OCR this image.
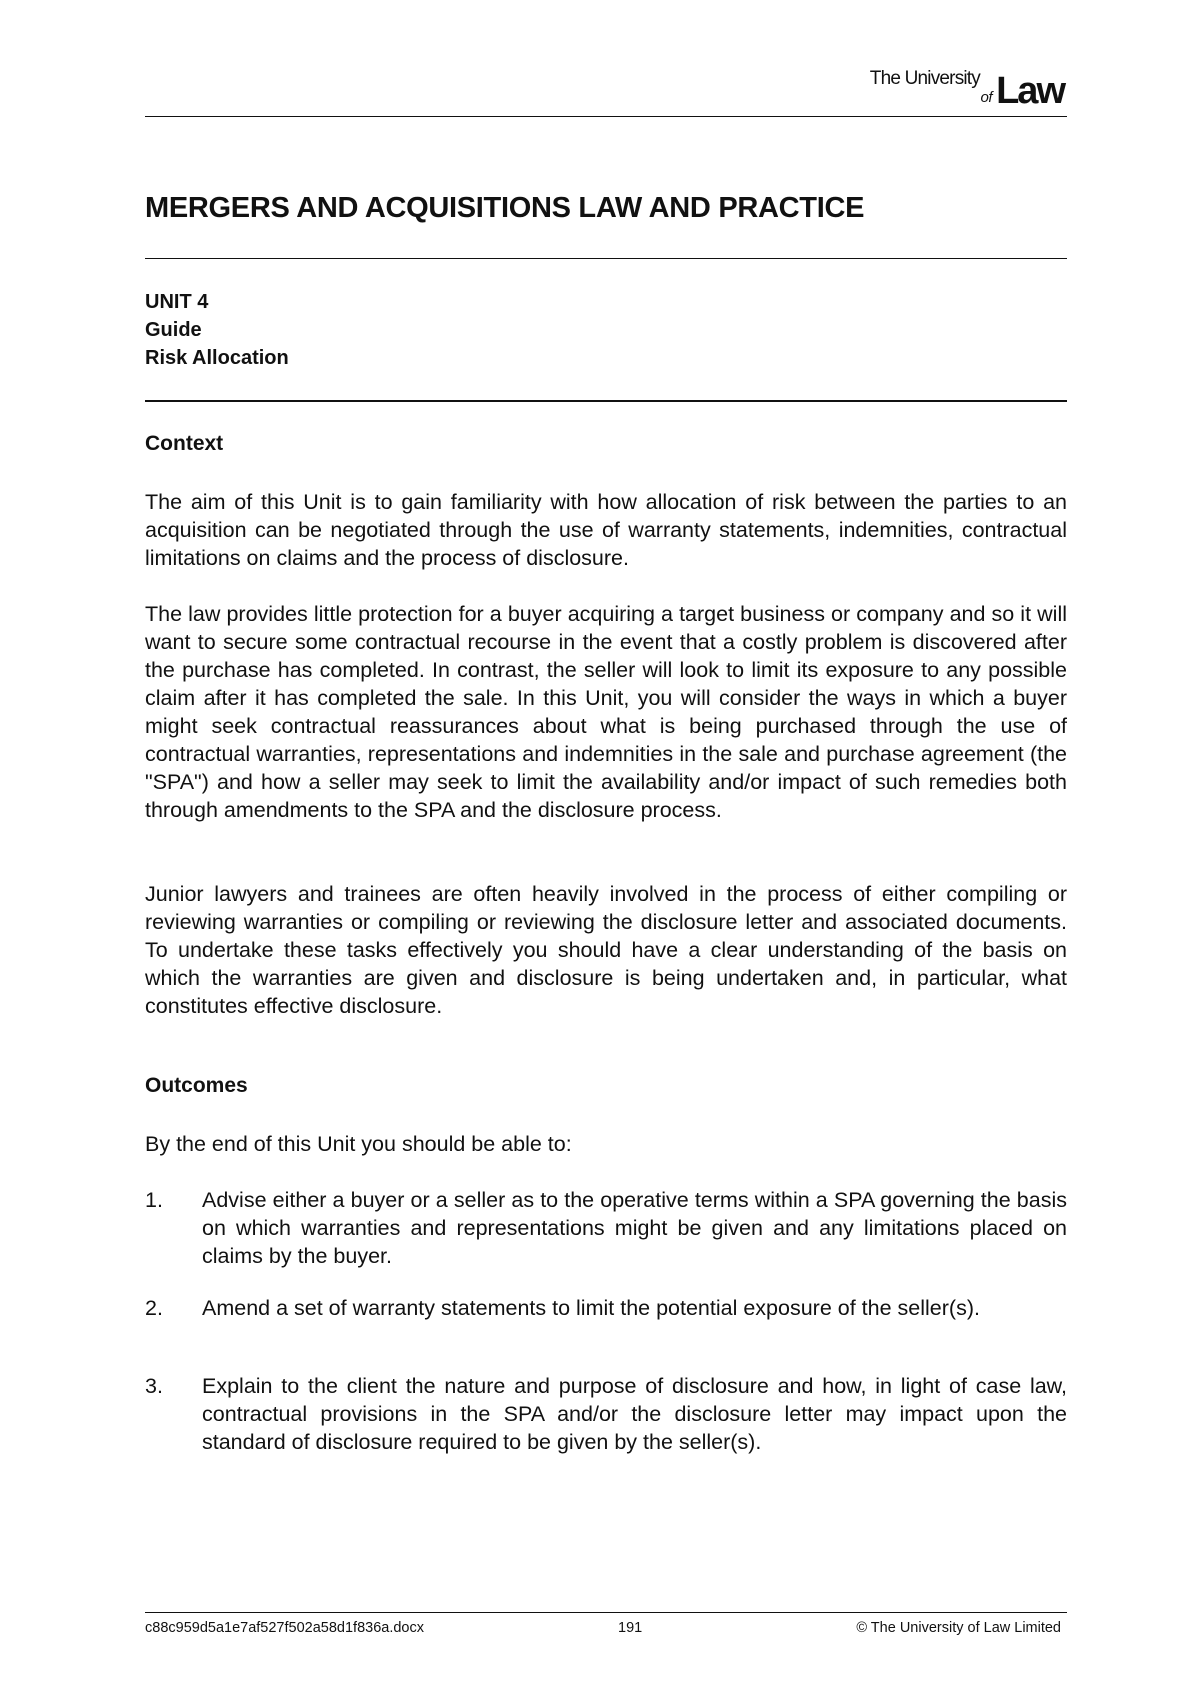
The University
of Law
MERGERS AND ACQUISITIONS LAW AND PRACTICE
UNIT 4
Guide
Risk Allocation
Context
The aim of this Unit is to gain familiarity with how allocation of risk between the parties to an acquisition can be negotiated through the use of warranty statements, indemnities, contractual limitations on claims and the process of disclosure.
The law provides little protection for a buyer acquiring a target business or company and so it will want to secure some contractual recourse in the event that a costly problem is discovered after the purchase has completed. In contrast, the seller will look to limit its exposure to any possible claim after it has completed the sale. In this Unit, you will consider the ways in which a buyer might seek contractual reassurances about what is being purchased through the use of contractual warranties, representations and indemnities in the sale and purchase agreement (the "SPA") and how a seller may seek to limit the availability and/or impact of such remedies both through amendments to the SPA and the disclosure process.
Junior lawyers and trainees are often heavily involved in the process of either compiling or reviewing warranties or compiling or reviewing the disclosure letter and associated documents. To undertake these tasks effectively you should have a clear understanding of the basis on which the warranties are given and disclosure is being undertaken and, in particular, what constitutes effective disclosure.
Outcomes
By the end of this Unit you should be able to:
1. Advise either a buyer or a seller as to the operative terms within a SPA governing the basis on which warranties and representations might be given and any limitations placed on claims by the buyer.
2. Amend a set of warranty statements to limit the potential exposure of the seller(s).
3. Explain to the client the nature and purpose of disclosure and how, in light of case law, contractual provisions in the SPA and/or the disclosure letter may impact upon the standard of disclosure required to be given by the seller(s).
c88c959d5a1e7af527f502a58d1f836a.docx	191	© The University of Law Limited
